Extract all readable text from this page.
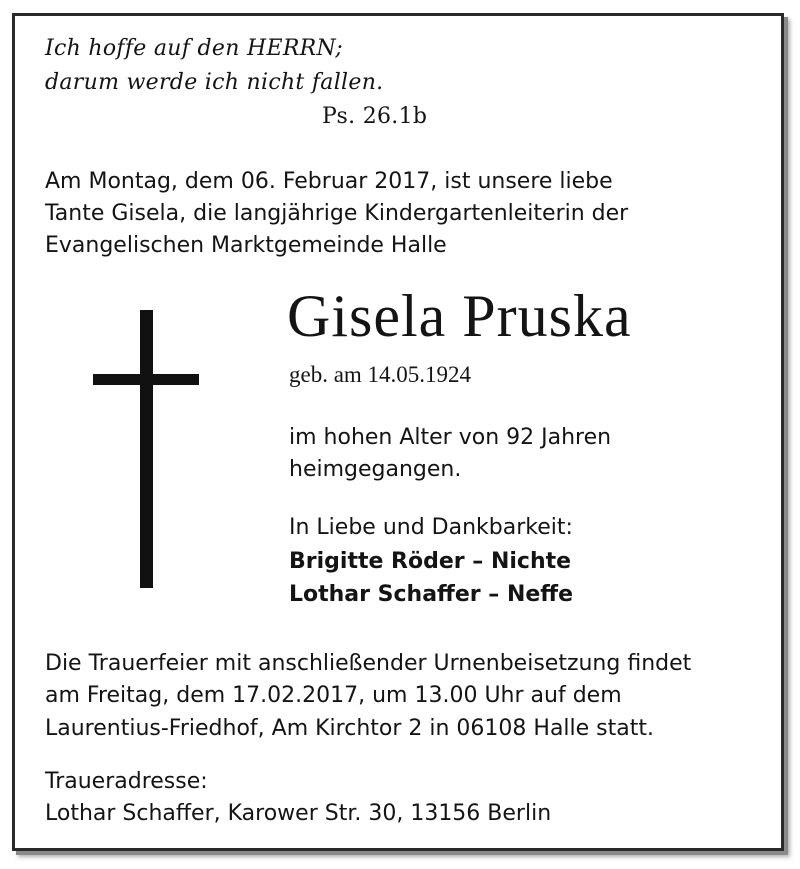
Ich hoffe auf den HERRN;
darum werde ich nicht fallen.
Ps. 26.1b
Am Montag, dem 06. Februar 2017, ist unsere liebe
Tante Gisela, die langjährige Kindergartenleiterin der
Evangelischen Marktgemeinde Halle
Gisela Pruska
geb. am 14.05.1924
im hohen Alter von 92 Jahren
heimgegangen.
In Liebe und Dankbarkeit:
Brigitte Röder – Nichte
Lothar Schaffer – Neffe
Die Trauerfeier mit anschließender Urnenbeisetzung findet
am Freitag, dem 17.02.2017, um 13.00 Uhr auf dem
Laurentius-Friedhof, Am Kirchtor 2 in 06108 Halle statt.
Traueradresse:
Lothar Schaffer, Karower Str. 30, 13156 Berlin
